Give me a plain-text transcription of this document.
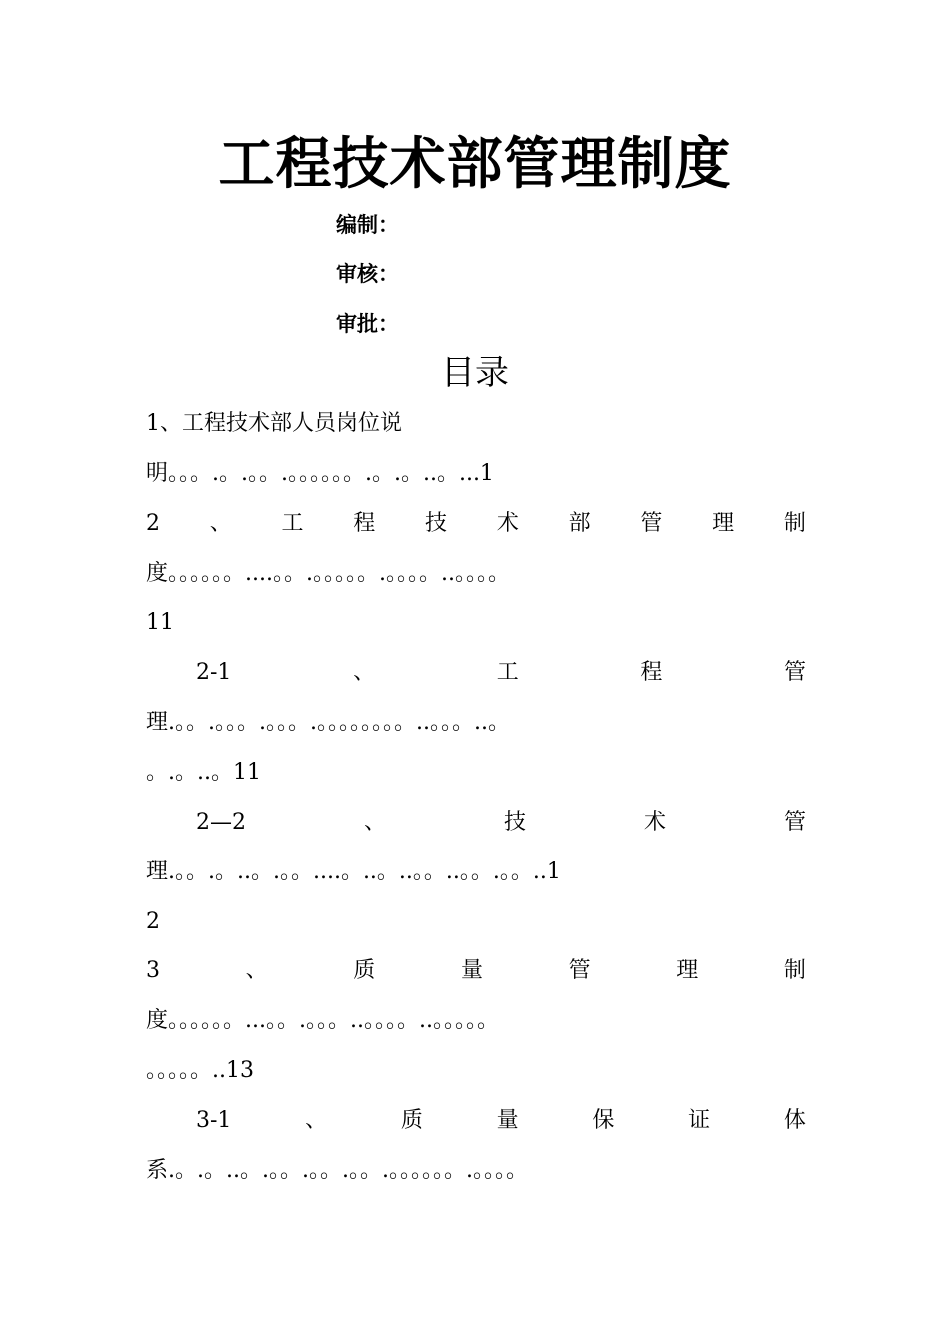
工程技术部管理制度
编制：
审核：
审批：
目录
1、工程技术部人员岗位说
明。。。.。.。。.。。。。。。.。.。..。...1
2 、 工 程 技 术 部 管 理 制
度。。。。。。....。。.。。。。。.。。。。..。。。。
11
2-1	、	工	程	管
理.。。.。。。.。。。.。。。。。。。。..。。。..。
。.。..。11
2—2	、	技	术	管
理.。。.。..。.。。....。..。..。。..。。.。。..1
2
3	、	质	量	管	理	制
度。。。。。。...。。.。。。..。。。。..。。。。。
。。。。。..13
3-1	、	质	量	保	证	体
系.。.。..。.。。.。。.。。.。。。。。。.。。。。
